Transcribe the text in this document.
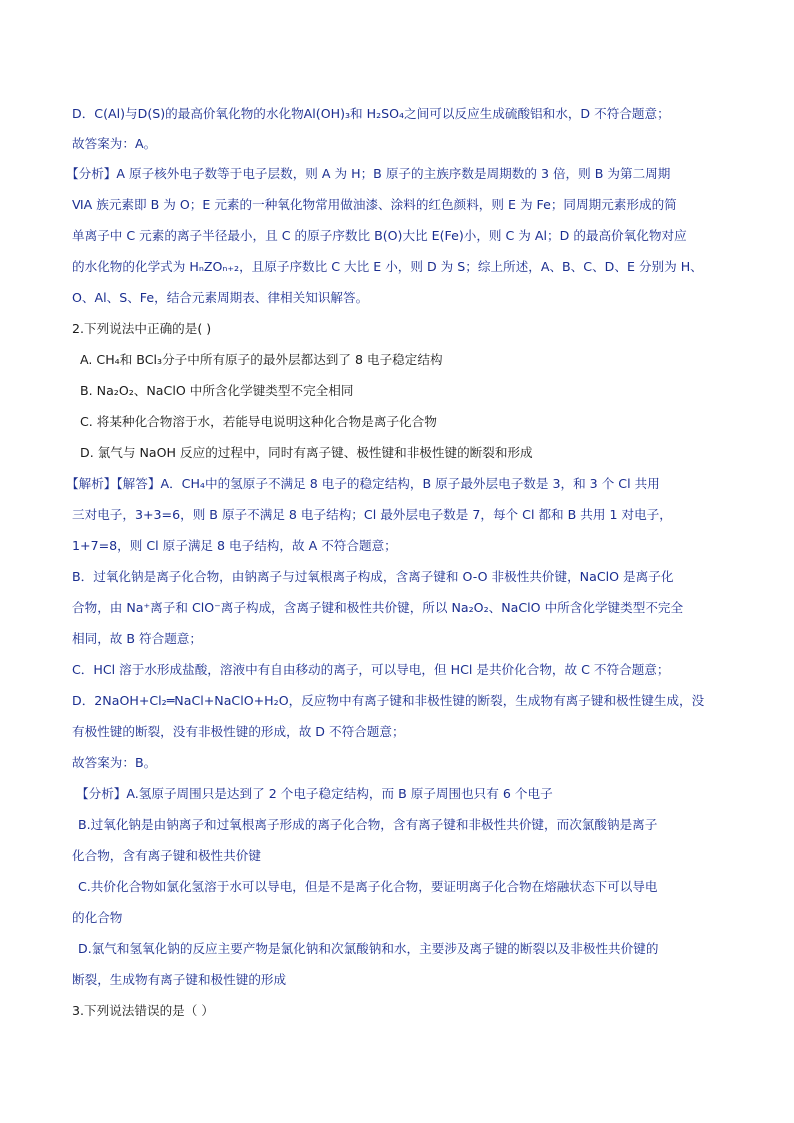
D．C(Al)与D(S)的最高价氧化物的水化物Al(OH)₃和 H₂SO₄之间可以反应生成硫酸铝和水，D 不符合题意；
故答案为：A。
【分析】A 原子核外电子数等于电子层数，则 A 为 H；B 原子的主族序数是周期数的 3 倍，则 B 为第二周期
ⅥA 族元素即 B 为 O；E 元素的一种氧化物常用做油漆、涂料的红色颜料，则 E 为 Fe；同周期元素形成的简
单离子中 C 元素的离子半径最小，且 C 的原子序数比 B(O)大比 E(Fe)小，则 C 为 Al；D 的最高价氧化物对应
的水化物的化学式为 HₙZOₙ₊₂，且原子序数比 C 大比 E 小，则 D 为 S；综上所述，A、B、C、D、E 分别为 H、
O、Al、S、Fe，结合元素周期表、律相关知识解答。
2.下列说法中正确的是( )
A. CH₄和 BCl₃分子中所有原子的最外层都达到了 8 电子稳定结构
B. Na₂O₂、NaClO 中所含化学键类型不完全相同
C. 将某种化合物溶于水，若能导电说明这种化合物是离子化合物
D. 氯气与 NaOH 反应的过程中，同时有离子键、极性键和非极性键的断裂和形成
【解析】【解答】A．CH₄中的氢原子不满足 8 电子的稳定结构，B 原子最外层电子数是 3，和 3 个 Cl 共用
三对电子，3+3=6，则 B 原子不满足 8 电子结构；Cl 最外层电子数是 7，每个 Cl 都和 B 共用 1 对电子，
1+7=8，则 Cl 原子满足 8 电子结构，故 A 不符合题意；
B．过氧化钠是离子化合物，由钠离子与过氧根离子构成，含离子键和 O-O 非极性共价键，NaClO 是离子化
合物，由 Na⁺离子和 ClO⁻离子构成，含离子键和极性共价键，所以 Na₂O₂、NaClO 中所含化学键类型不完全
相同，故 B 符合题意；
C．HCl 溶于水形成盐酸，溶液中有自由移动的离子，可以导电，但 HCl 是共价化合物，故 C 不符合题意；
D．2NaOH+Cl₂═NaCl+NaClO+H₂O，反应物中有离子键和非极性键的断裂，生成物有离子键和极性键生成，没
有极性键的断裂，没有非极性键的形成，故 D 不符合题意；
故答案为：B。
【分析】A.氢原子周围只是达到了 2 个电子稳定结构，而 B 原子周围也只有 6 个电子
B.过氧化钠是由钠离子和过氧根离子形成的离子化合物，含有离子键和非极性共价键，而次氯酸钠是离子
化合物，含有离子键和极性共价键
C.共价化合物如氯化氢溶于水可以导电，但是不是离子化合物，要证明离子化合物在熔融状态下可以导电
的化合物
D.氯气和氢氧化钠的反应主要产物是氯化钠和次氯酸钠和水，主要涉及离子键的断裂以及非极性共价键的
断裂，生成物有离子键和极性键的形成
3.下列说法错误的是（ ）
